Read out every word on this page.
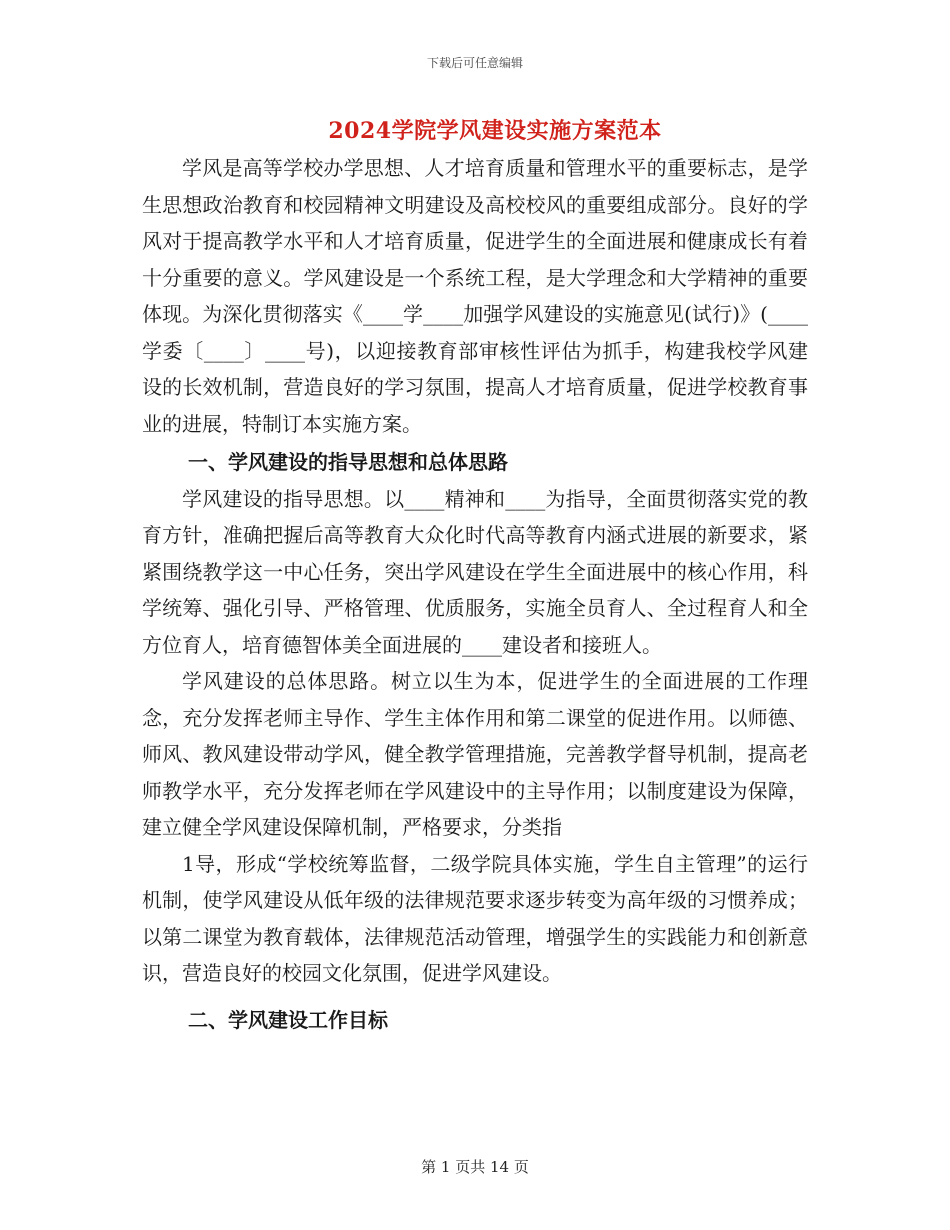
下载后可任意编辑
2024学院学风建设实施方案范本

学风是高等学校办学思想、人才培育质量和管理水平的重要标志，是学生思想政治教育和校园精神文明建设及高校校风的重要组成部分。良好的学风对于提高教学水平和人才培育质量，促进学生的全面进展和健康成长有着十分重要的意义。学风建设是一个系统工程，是大学理念和大学精神的重要体现。为深化贯彻落实《____学____加强学风建设的实施意见(试行)》(____学委〔____〕____号)，以迎接教育部审核性评估为抓手，构建我校学风建设的长效机制，营造良好的学习氛围，提高人才培育质量，促进学校教育事业的进展，特制订本实施方案。

一、学风建设的指导思想和总体思路

学风建设的指导思想。以____精神和____为指导，全面贯彻落实党的教育方针，准确把握后高等教育大众化时代高等教育内涵式进展的新要求，紧紧围绕教学这一中心任务，突出学风建设在学生全面进展中的核心作用，科学统筹、强化引导、严格管理、优质服务，实施全员育人、全过程育人和全方位育人，培育德智体美全面进展的____建设者和接班人。

学风建设的总体思路。树立以生为本，促进学生的全面进展的工作理念，充分发挥老师主导作、学生主体作用和第二课堂的促进作用。以师德、师风、教风建设带动学风，健全教学管理措施，完善教学督导机制，提高老师教学水平，充分发挥老师在学风建设中的主导作用；以制度建设为保障，建立健全学风建设保障机制，严格要求，分类指

1导，形成“学校统筹监督，二级学院具体实施，学生自主管理”的运行机制，使学风建设从低年级的法律规范要求逐步转变为高年级的习惯养成；以第二课堂为教育载体，法律规范活动管理，增强学生的实践能力和创新意识，营造良好的校园文化氛围，促进学风建设。

二、学风建设工作目标

第 1 页共 14 页
